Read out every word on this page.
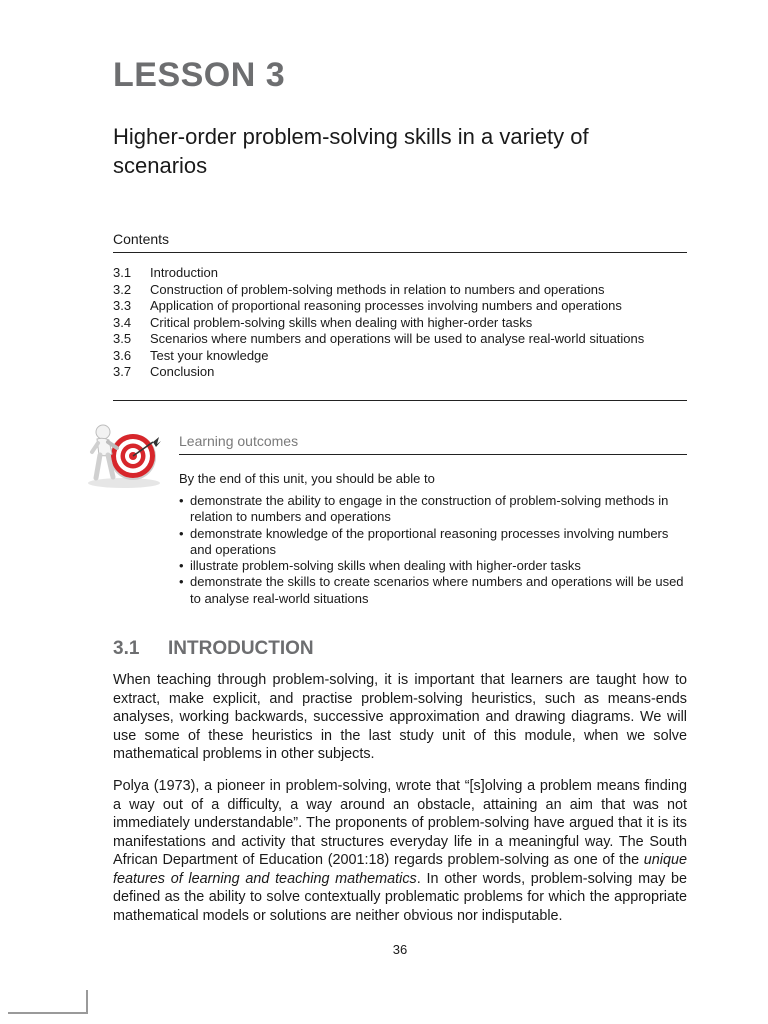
LESSON 3
Higher-order problem-solving skills in a variety of scenarios
Contents
3.1 Introduction
3.2 Construction of problem-solving methods in relation to numbers and operations
3.3 Application of proportional reasoning processes involving numbers and operations
3.4 Critical problem-solving skills when dealing with higher-order tasks
3.5 Scenarios where numbers and operations will be used to analyse real-world situations
3.6 Test your knowledge
3.7 Conclusion
Learning outcomes
By the end of this unit, you should be able to
• demonstrate the ability to engage in the construction of problem-solving methods in relation to numbers and operations
• demonstrate knowledge of the proportional reasoning processes involving numbers and operations
• illustrate problem-solving skills when dealing with higher-order tasks
• demonstrate the skills to create scenarios where numbers and operations will be used to analyse real-world situations
3.1 INTRODUCTION

When teaching through problem-solving, it is important that learners are taught how to extract, make explicit, and practise problem-solving heuristics, such as means-ends analyses, working backwards, successive approximation and drawing diagrams. We will use some of these heuristics in the last study unit of this module, when we solve mathematical problems in other subjects.

Polya (1973), a pioneer in problem-solving, wrote that “[s]olving a problem means finding a way out of a difficulty, a way around an obstacle, attaining an aim that was not immediately understandable”. The proponents of problem-solving have argued that it is its manifestations and activity that structures everyday life in a meaningful way. The South African Department of Education (2001:18) regards problem-solving as one of the unique features of learning and teaching mathematics. In other words, problem-solving may be defined as the ability to solve contextually problematic problems for which the appropriate mathematical models or solutions are neither obvious nor indisputable.

36
